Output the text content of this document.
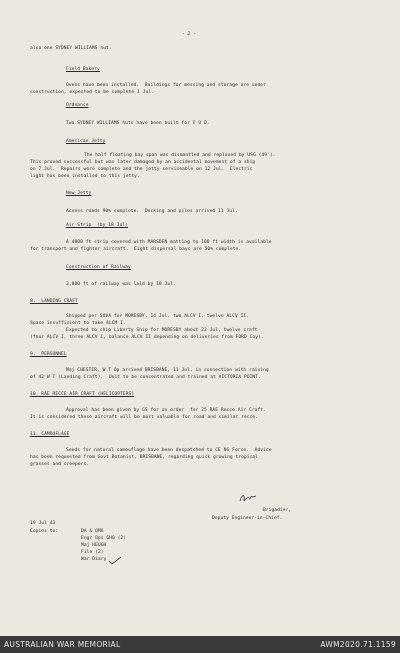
- 2 -
also one SYDNEY WILLIAMS hut.
Field Bakery
Ovens have been installed.  Buildings for messing and storage are under
construction, expected to be complete 1 Jul.
Ordnance
Two SYDNEY WILLIAMS huts have been built for F O D.
American Jetty
The half floating bay span was dismantled and replaced by USG (49').
This proved successful but was later damaged by an accidental movement of a ship
on 7 Jul.  Repairs were complete and the jetty serviceable on 12 Jul.  Electric
light has been installed to this jetty.
New Jetty
Access roads 90% complete.  Decking and piles arrived 11 Jul.
Air Strip  (by 18 Jul)
A 4800 ft strip covered with MARSDEN matting to 100 ft width is available
for transport and fighter aircraft.  Eight dispersal bays are 50% complete.
Construction of Railway
3,800 ft of railway was laid by 18 Jul.
8.  LANDING CRAFT
Shipped per SUVA for MORESBY, 14 Jul, two ALCV I, twelve ALCV II.
Space insufficient to take ALCM I.
Expected to ship Liberty Ship for MORESBY about 22 Jul, twelve craft
(four ALCV I, three ALCV I, balance ALCV II depending on deliveries from FORD Coy).
9.  PERSONNEL
Maj CHESTER, W T Op arrived BRISBANE, 11 Jul, in connection with raising
of 42 W T (Landing Craft).  Unit to be concentrated and trained at VICTORIA POINT.
10. RAE RECCE AIR CRAFT (HELICOPTERS)
Approval has been given by GS for an order  for 25 RAE Recce Air Craft.
It is considered these aircraft will be most valuable for road and similar recce.
11. CAMOUFLAGE
Seeds for natural camouflage have been despatched to CE NG Force.  Advice
has been requested from Govt Botanist, BRISBANE, regarding quick growing tropical
grasses and creepers.
Brigadier,
Deputy Engineer-in-Chief.
19 Jul 43
Copies to:	DA & QMG
Engr Ops GHQ (2)
Maj HEUGH
File (2)
War Diary
AUSTRALIAN WAR MEMORIAL	AWM2020.71.1159
